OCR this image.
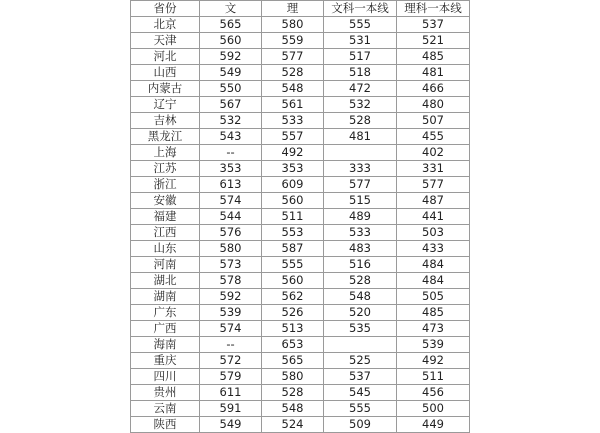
省份	文	理	文科一本线	理科一本线
北京	565	580	555	537
天津	560	559	531	521
河北	592	577	517	485
山西	549	528	518	481
内蒙古	550	548	472	466
辽宁	567	561	532	480
吉林	532	533	528	507
黑龙江	543	557	481	455
上海	--	492		402
江苏	353	353	333	331
浙江	613	609	577	577
安徽	574	560	515	487
福建	544	511	489	441
江西	576	553	533	503
山东	580	587	483	433
河南	573	555	516	484
湖北	578	560	528	484
湖南	592	562	548	505
广东	539	526	520	485
广西	574	513	535	473
海南	--	653		539
重庆	572	565	525	492
四川	579	580	537	511
贵州	611	528	545	456
云南	591	548	555	500
陕西	549	524	509	449
